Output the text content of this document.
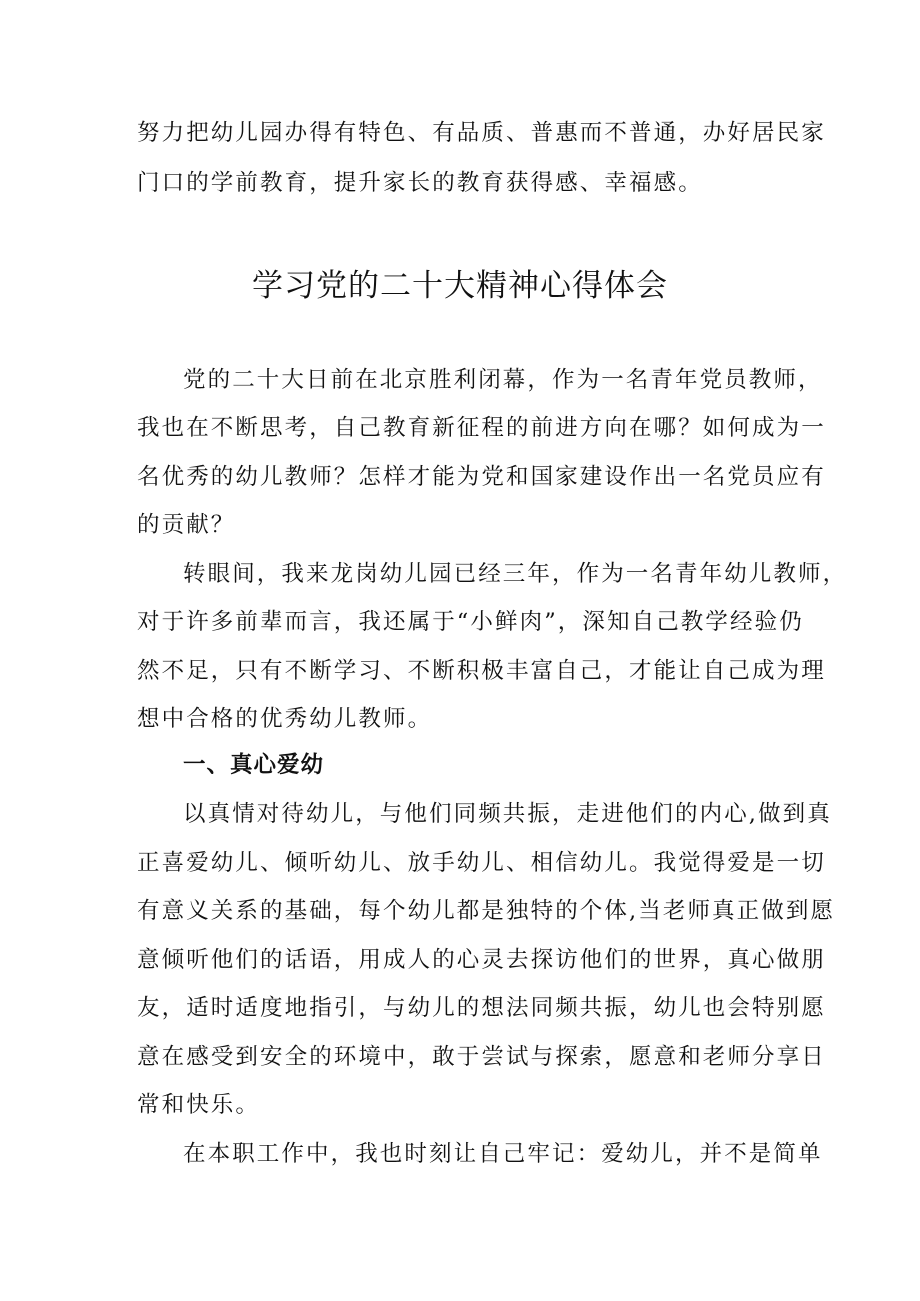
努力把幼儿园办得有特色、有品质、普惠而不普通，办好居民家
门口的学前教育，提升家长的教育获得感、幸福感。
学习党的二十大精神心得体会
党的二十大日前在北京胜利闭幕，作为一名青年党员教师，
我也在不断思考，自己教育新征程的前进方向在哪？如何成为一
名优秀的幼儿教师？怎样才能为党和国家建设作出一名党员应有
的贡献？
转眼间，我来龙岗幼儿园已经三年，作为一名青年幼儿教师，
对于许多前辈而言，我还属于“小鲜肉”，深知自己教学经验仍
然不足，只有不断学习、不断积极丰富自己，才能让自己成为理
想中合格的优秀幼儿教师。
一、真心爱幼
以真情对待幼儿，与他们同频共振，走进他们的内心,做到真
正喜爱幼儿、倾听幼儿、放手幼儿、相信幼儿。我觉得爱是一切
有意义关系的基础，每个幼儿都是独特的个体,当老师真正做到愿
意倾听他们的话语，用成人的心灵去探访他们的世界，真心做朋
友，适时适度地指引，与幼儿的想法同频共振，幼儿也会特别愿
意在感受到安全的环境中，敢于尝试与探索，愿意和老师分享日
常和快乐。
在本职工作中，我也时刻让自己牢记：爱幼儿，并不是简单
